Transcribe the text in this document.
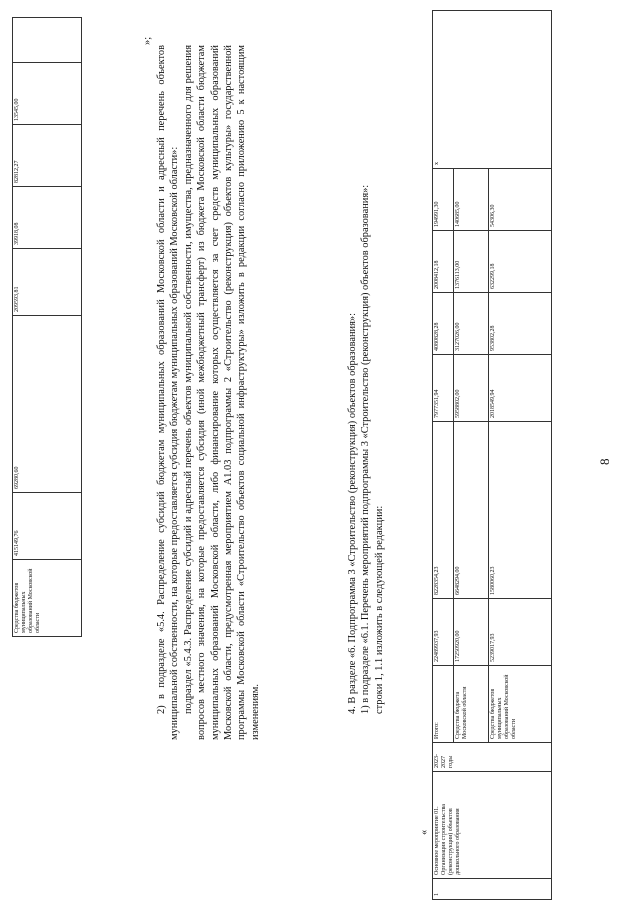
8
Средства бюджетов муниципальных образований Московской области	415149,76	69280,60	209593,81	39918,08	82812,27	13545,00	
»;

2) в подразделе «5.4. Распределение субсидий бюджетам муниципальных образований Московской области и адресный перечень объектов муниципальной собственности, на которые предоставляется субсидия бюджетам муниципальных образований Московской области»: подраздел «5.4.3. Распределение субсидий и адресный перечень объектов муниципальной собственности, имущества, предназначенного для решения вопросов местного значения, на которые предоставляется субсидия (иной межбюджетный трансферт) из бюджета Московской области бюджетам муниципальных образований Московской области, либо финансирование которых осуществляется за счет средств муниципальных образований Московской области, предусмотренная мероприятием А1.03 подпрограммы 2 «Строительство (реконструкция) объектов культуры» государственной программы Московской области «Строительство объектов социальной инфраструктуры» изложить в редакции согласно приложению 5 к настоящим изменениям.	4. В разделе «6. Подпрограмма 3 «Строительство (реконструкция) объектов образования»: 1) в подразделе «6.1. Перечень мероприятий подпрограммы 3 «Строительство (реконструкция) объектов образования»: строки 1, 1.1 изложить в следующей редакции:

«
1	Основное мероприятие 01. Организация строительства (реконструкции) объектов дошкольного образования	2023-2027 годы	Итого:	22489937,93	8228354,23	7977351,94	4080828,28	2008412,18	194991,30	х
			Средства бюджета Московской области	17250920,00	6648294,00	5958802,00	3127026,00	1376113,00	140685,00	
			Средства бюджетов муниципальных образований Московской области	5239017,93	1580060,23	2018549,94	953802,28	632299,18	54306,30	
